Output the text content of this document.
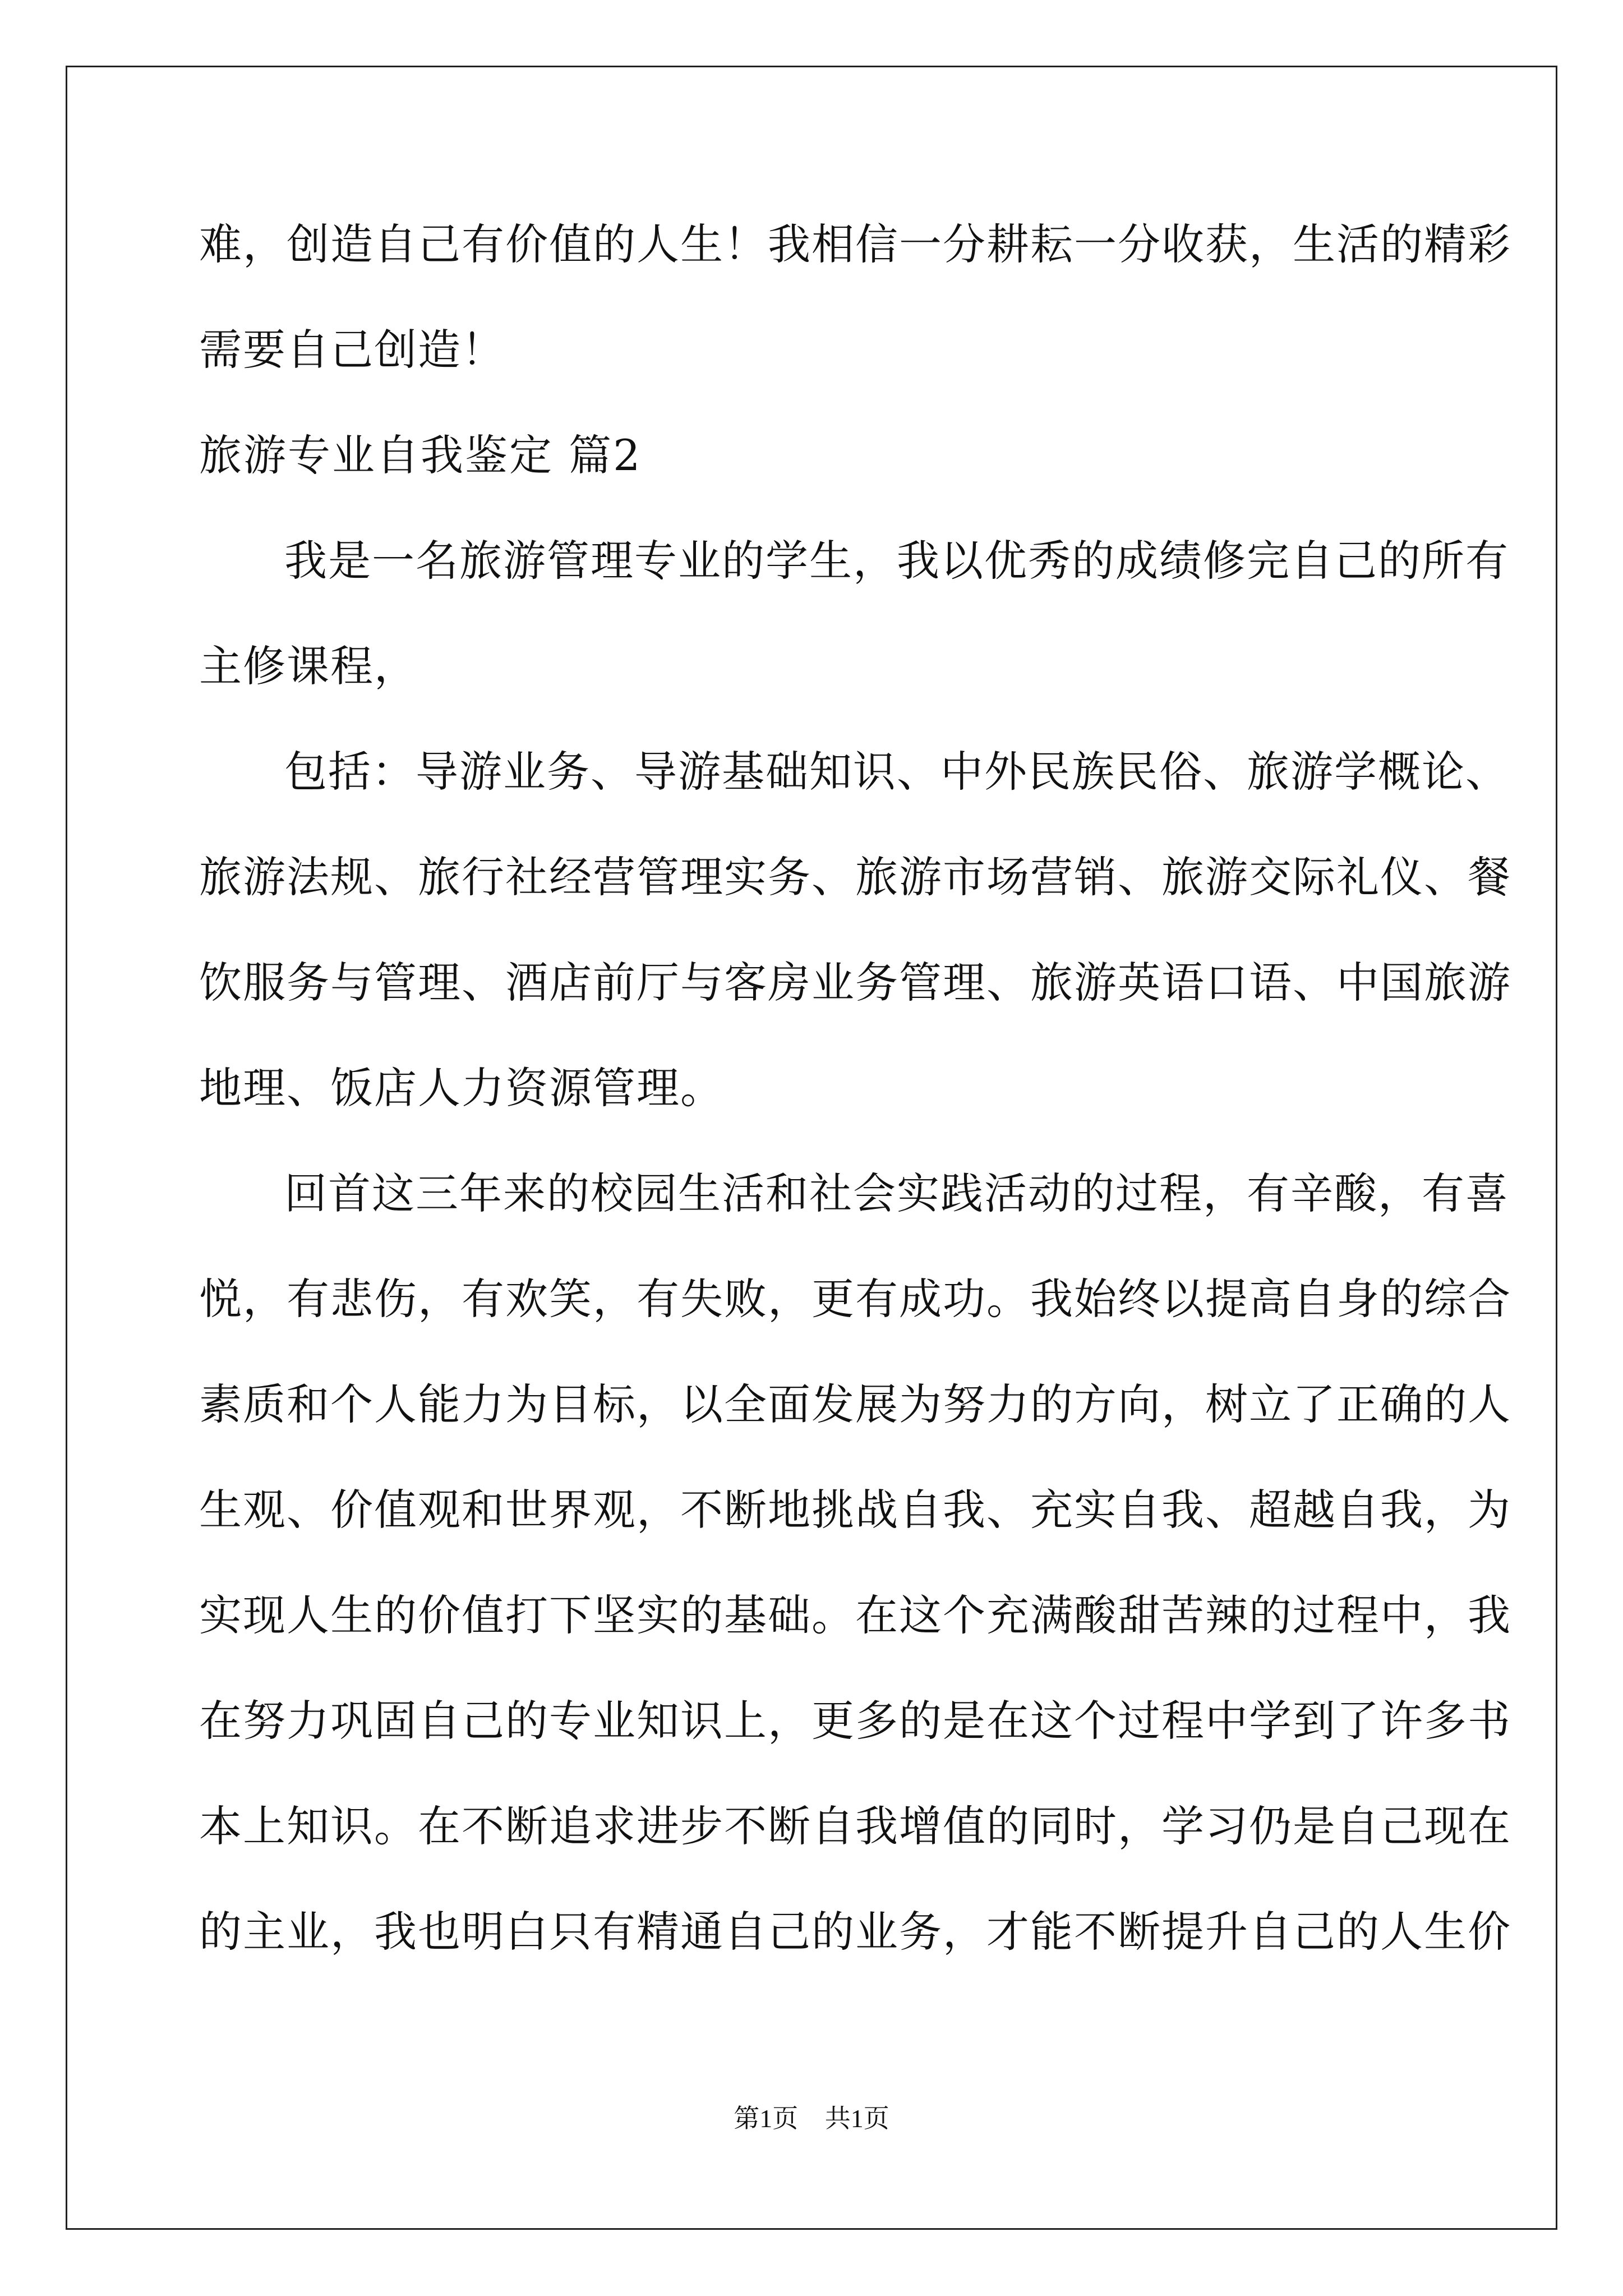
难 ， 创 造 自 己 有 价 值 的 人 生 ！ 我 相 信 一 分 耕 耘 一 分 收 获 ， 生 活 的 精 彩
需要自己创造！
旅游专业自我鉴定 篇2
我 是 一 名 旅 游 管 理 专 业 的 学 生 ， 我 以 优 秀 的 成 绩 修 完 自 己 的 所 有
主修课程，
包 括 ： 导 游 业 务 、 导 游 基 础 知 识 、 中 外 民 族 民 俗 、 旅 游 学 概 论 、
旅 游 法 规 、 旅 行 社 经 营 管 理 实 务 、 旅 游 市 场 营 销 、 旅 游 交 际 礼 仪 、 餐
饮 服 务 与 管 理 、 酒 店 前 厅 与 客 房 业 务 管 理 、 旅 游 英 语 口 语 、 中 国 旅 游
地理、饭店人力资源管理。
回 首 这 三 年 来 的 校 园 生 活 和 社 会 实 践 活 动 的 过 程 ， 有 辛 酸 ， 有 喜
悦 ， 有 悲 伤 ， 有 欢 笑 ， 有 失 败 ， 更 有 成 功 。 我 始 终 以 提 高 自 身 的 综 合
素 质 和 个 人 能 力 为 目 标 ， 以 全 面 发 展 为 努 力 的 方 向 ， 树 立 了 正 确 的 人
生 观 、 价 值 观 和 世 界 观 ， 不 断 地 挑 战 自 我 、 充 实 自 我 、 超 越 自 我 ， 为
实 现 人 生 的 价 值 打 下 坚 实 的 基 础 。 在 这 个 充 满 酸 甜 苦 辣 的 过 程 中 ， 我
在 努 力 巩 固 自 己 的 专 业 知 识 上 ， 更 多 的 是 在 这 个 过 程 中 学 到 了 许 多 书
本 上 知 识 。 在 不 断 追 求 进 步 不 断 自 我 增 值 的 同 时 ， 学 习 仍 是 自 己 现 在
的 主 业 ， 我 也 明 白 只 有 精 通 自 己 的 业 务 ， 才 能 不 断 提 升 自 己 的 人 生 价
第1页 共1页
